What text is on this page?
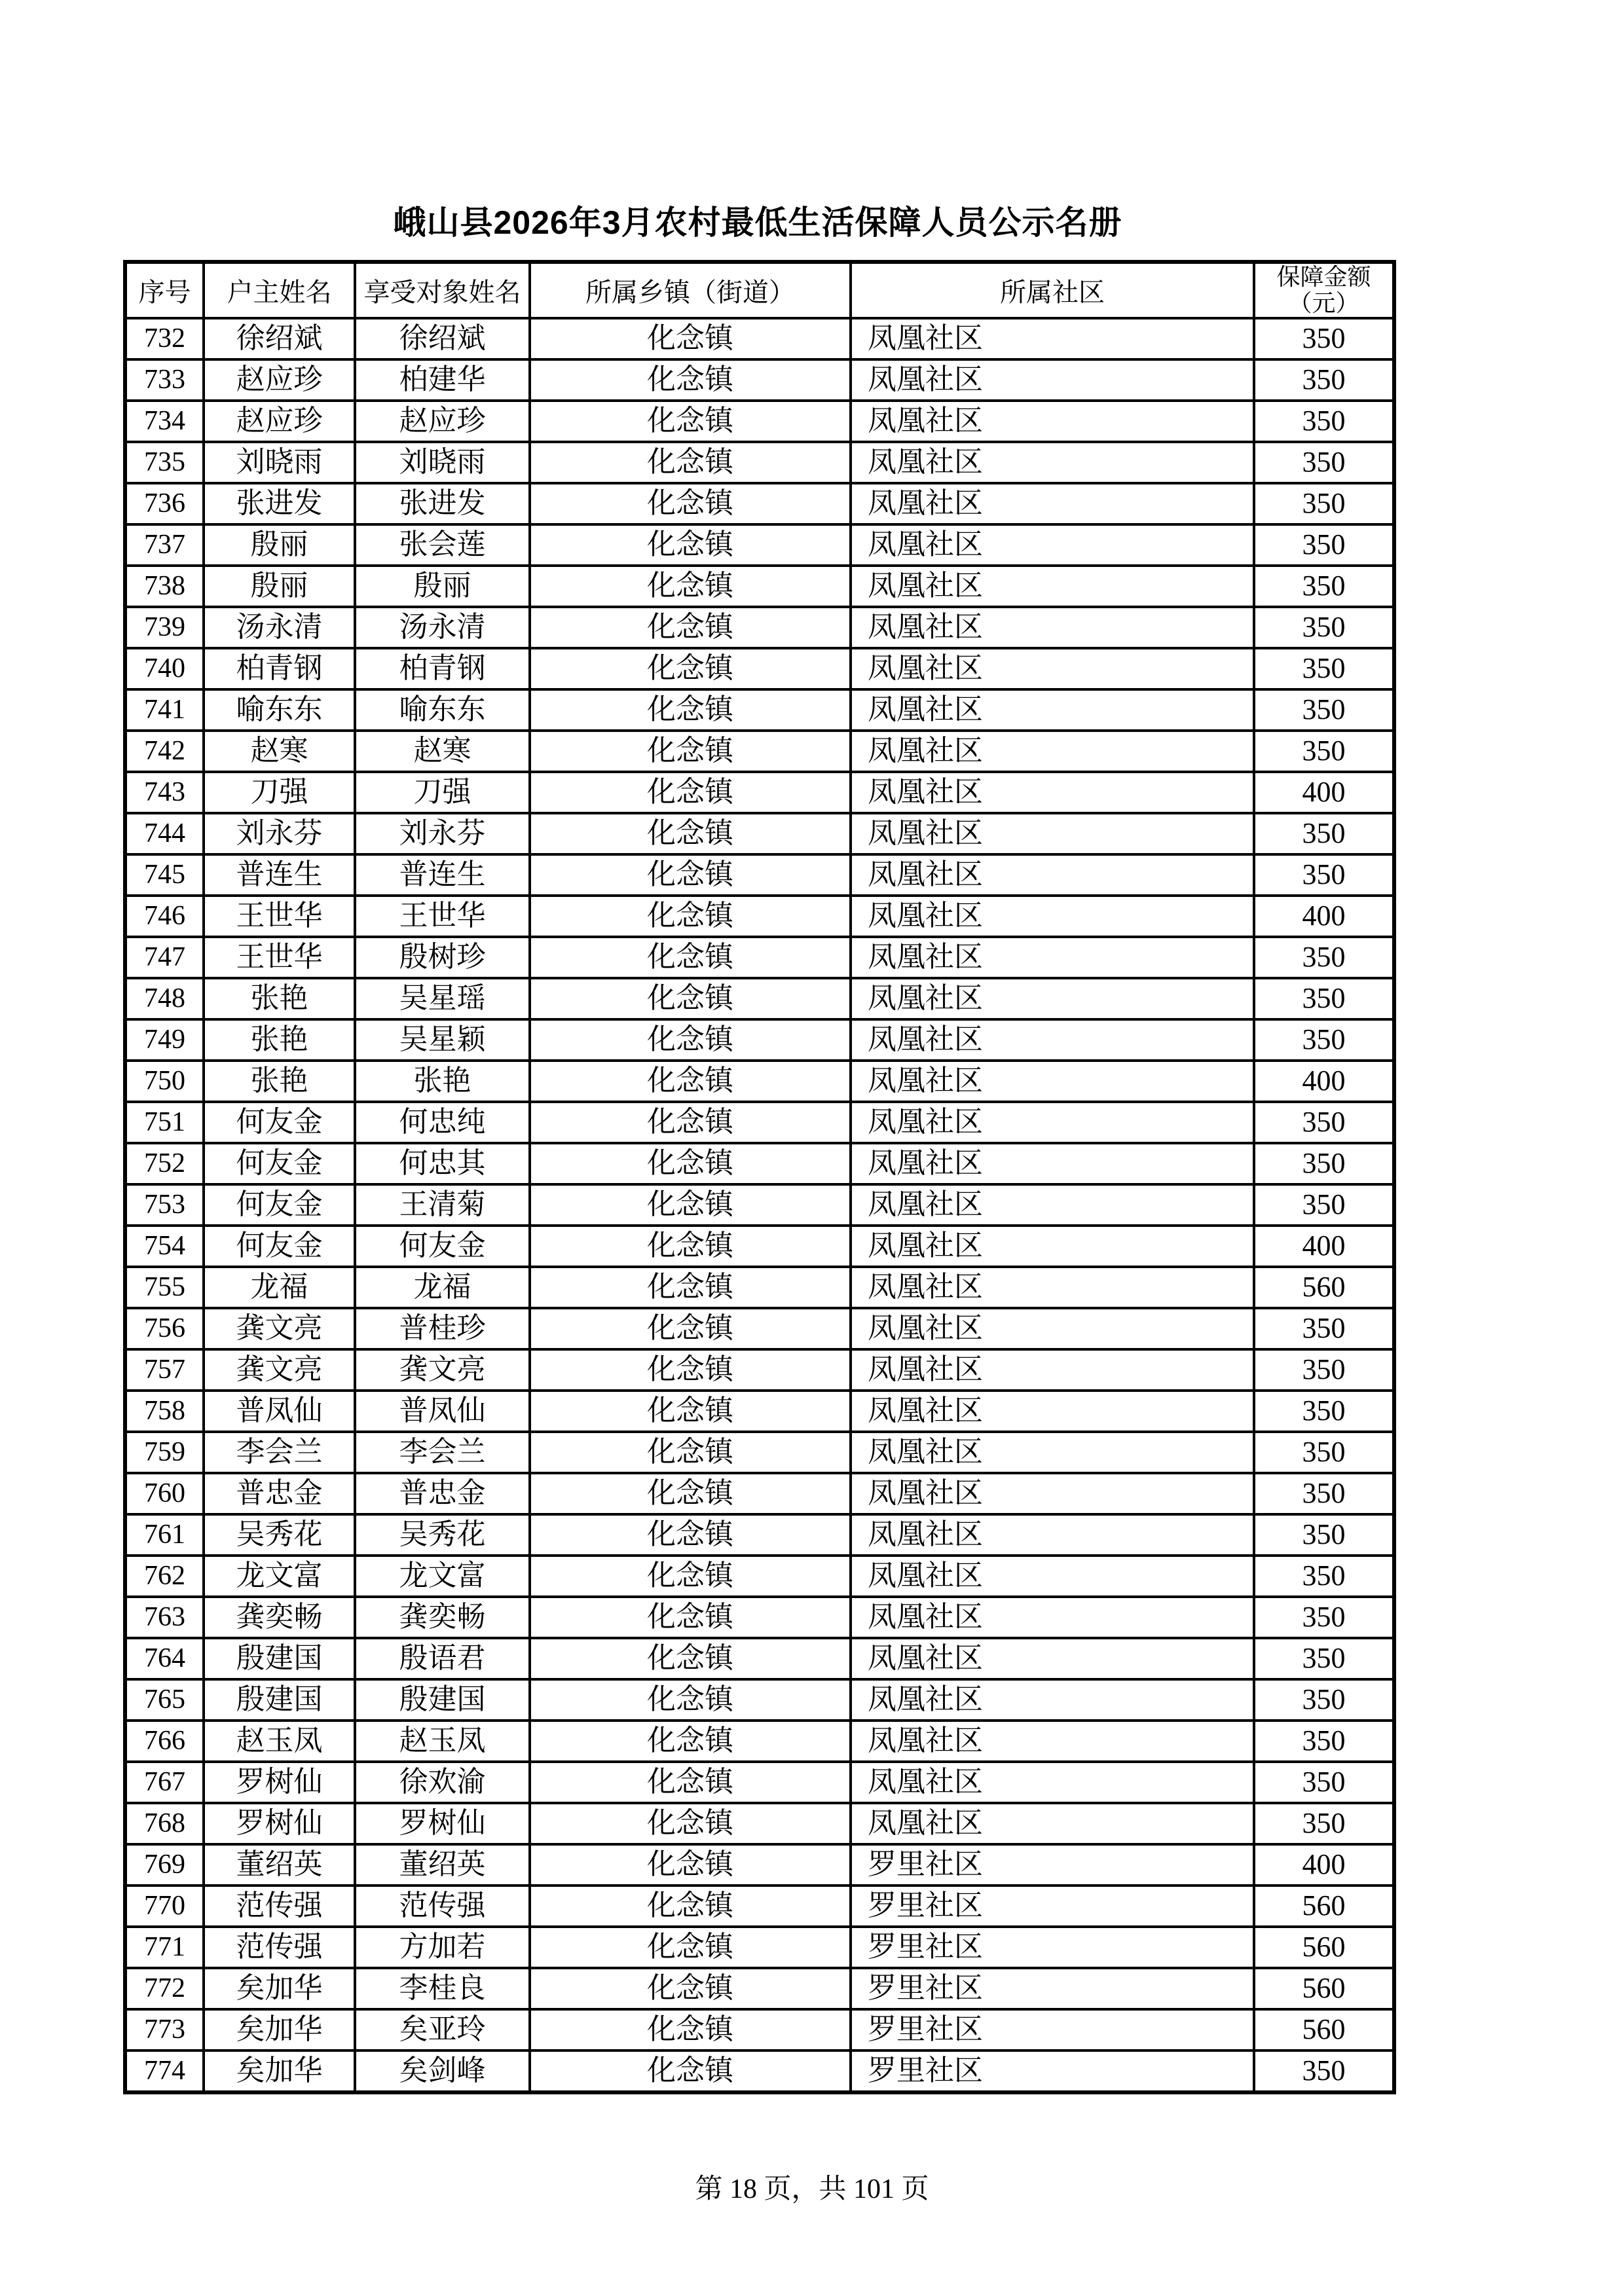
峨山县2026年3月农村最低生活保障人员公示名册
序号	户主姓名	享受对象姓名	所属乡镇（街道）	所属社区	保障金额
（元）
732	徐绍斌	徐绍斌	化念镇	凤凰社区	350
733	赵应珍	柏建华	化念镇	凤凰社区	350
734	赵应珍	赵应珍	化念镇	凤凰社区	350
735	刘晓雨	刘晓雨	化念镇	凤凰社区	350
736	张进发	张进发	化念镇	凤凰社区	350
737	殷丽	张会莲	化念镇	凤凰社区	350
738	殷丽	殷丽	化念镇	凤凰社区	350
739	汤永清	汤永清	化念镇	凤凰社区	350
740	柏青钢	柏青钢	化念镇	凤凰社区	350
741	喻东东	喻东东	化念镇	凤凰社区	350
742	赵寒	赵寒	化念镇	凤凰社区	350
743	刀强	刀强	化念镇	凤凰社区	400
744	刘永芬	刘永芬	化念镇	凤凰社区	350
745	普连生	普连生	化念镇	凤凰社区	350
746	王世华	王世华	化念镇	凤凰社区	400
747	王世华	殷树珍	化念镇	凤凰社区	350
748	张艳	吴星瑶	化念镇	凤凰社区	350
749	张艳	吴星颖	化念镇	凤凰社区	350
750	张艳	张艳	化念镇	凤凰社区	400
751	何友金	何忠纯	化念镇	凤凰社区	350
752	何友金	何忠其	化念镇	凤凰社区	350
753	何友金	王清菊	化念镇	凤凰社区	350
754	何友金	何友金	化念镇	凤凰社区	400
755	龙福	龙福	化念镇	凤凰社区	560
756	龚文亮	普桂珍	化念镇	凤凰社区	350
757	龚文亮	龚文亮	化念镇	凤凰社区	350
758	普凤仙	普凤仙	化念镇	凤凰社区	350
759	李会兰	李会兰	化念镇	凤凰社区	350
760	普忠金	普忠金	化念镇	凤凰社区	350
761	吴秀花	吴秀花	化念镇	凤凰社区	350
762	龙文富	龙文富	化念镇	凤凰社区	350
763	龚奕畅	龚奕畅	化念镇	凤凰社区	350
764	殷建国	殷语君	化念镇	凤凰社区	350
765	殷建国	殷建国	化念镇	凤凰社区	350
766	赵玉凤	赵玉凤	化念镇	凤凰社区	350
767	罗树仙	徐欢渝	化念镇	凤凰社区	350
768	罗树仙	罗树仙	化念镇	凤凰社区	350
769	董绍英	董绍英	化念镇	罗里社区	400
770	范传强	范传强	化念镇	罗里社区	560
771	范传强	方加若	化念镇	罗里社区	560
772	矣加华	李桂良	化念镇	罗里社区	560
773	矣加华	矣亚玲	化念镇	罗里社区	560
774	矣加华	矣剑峰	化念镇	罗里社区	350
第 18 页，共 101 页
